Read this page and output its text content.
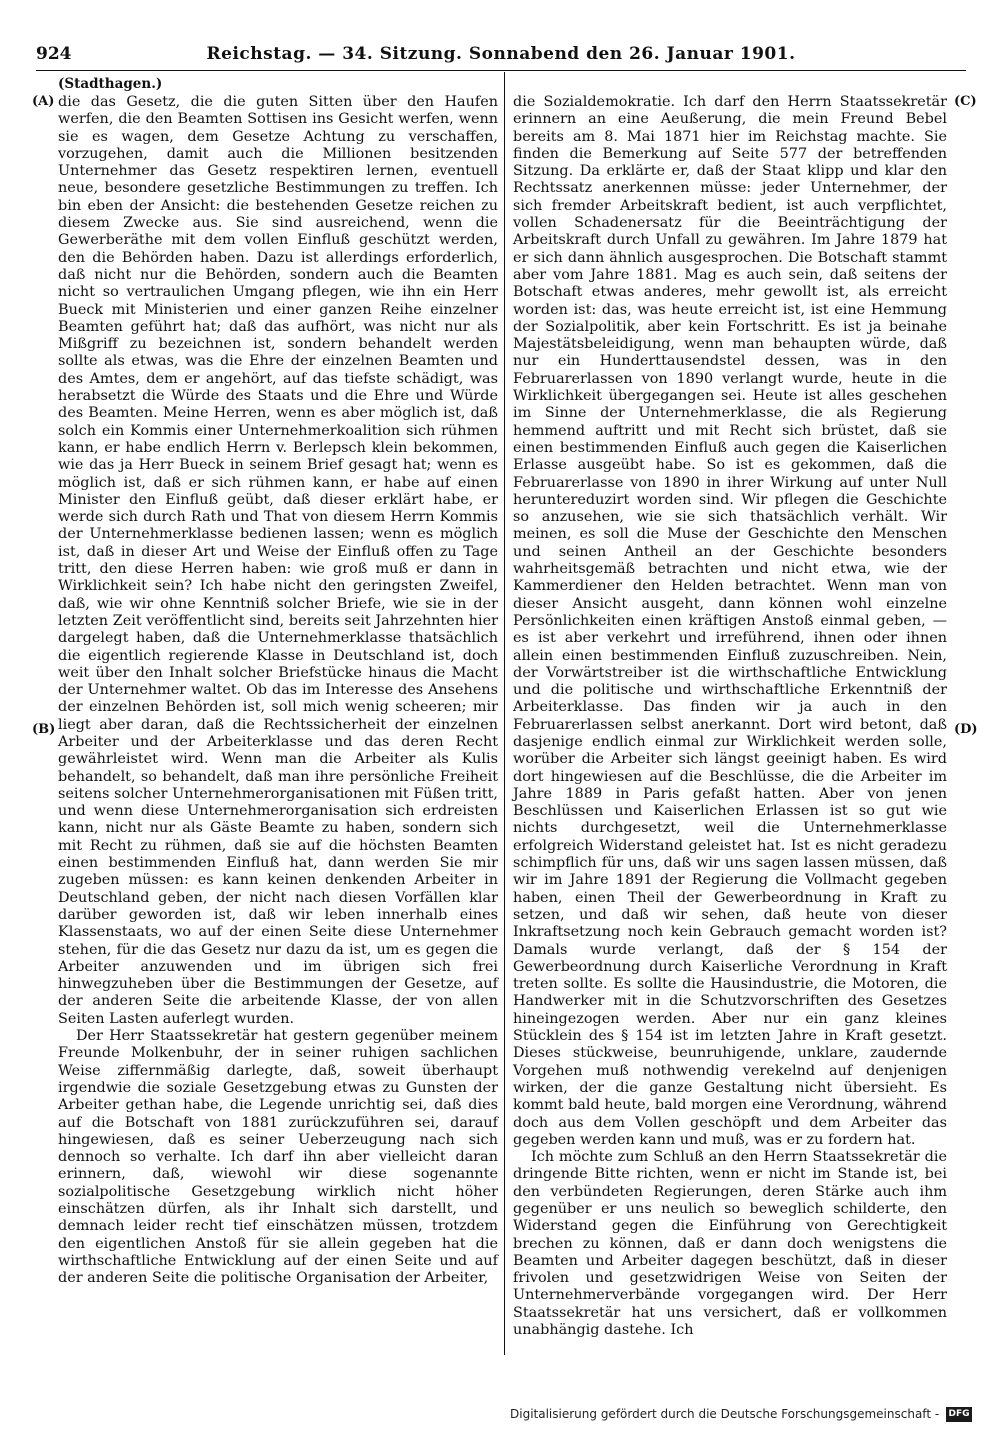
924	Reichstag. — 34. Sitzung. Sonnabend den 26. Januar 1901.
(Stadthagen.)
(A)
(B)
(C)
(D)

die das Gesetz, die die guten Sitten über den Haufen werfen, die den Beamten Sottisen ins Gesicht werfen, wenn sie es wagen, dem Gesetze Achtung zu verschaffen, vorzugehen, damit auch die Millionen besitzenden Unternehmer das Gesetz respektiren lernen, eventuell neue, besondere gesetzliche Bestimmungen zu treffen. Ich bin eben der Ansicht: die bestehenden Gesetze reichen zu diesem Zwecke aus. Sie sind ausreichend, wenn die Gewerberäthe mit dem vollen Einfluß geschützt werden, den die Behörden haben. Dazu ist allerdings erforderlich, daß nicht nur die Behörden, sondern auch die Beamten nicht so vertraulichen Umgang pflegen, wie ihn ein Herr Bueck mit Ministerien und einer ganzen Reihe einzelner Beamten geführt hat; daß das aufhört, was nicht nur als Mißgriff zu bezeichnen ist, sondern behandelt werden sollte als etwas, was die Ehre der einzelnen Beamten und des Amtes, dem er angehört, auf das tiefste schädigt, was herabsetzt die Würde des Staats und die Ehre und Würde des Beamten. Meine Herren, wenn es aber möglich ist, daß solch ein Kommis einer Unternehmerkoalition sich rühmen kann, er habe endlich Herrn v. Berlepsch klein bekommen, wie das ja Herr Bueck in seinem Brief gesagt hat; wenn es möglich ist, daß er sich rühmen kann, er habe auf einen Minister den Einfluß geübt, daß dieser erklärt habe, er werde sich durch Rath und That von diesem Herrn Kommis der Unternehmerklasse bedienen lassen; wenn es möglich ist, daß in dieser Art und Weise der Einfluß offen zu Tage tritt, den diese Herren haben: wie groß muß er dann in Wirklichkeit sein? Ich habe nicht den geringsten Zweifel, daß, wie wir ohne Kenntniß solcher Briefe, wie sie in der letzten Zeit veröffentlicht sind, bereits seit Jahrzehnten hier dargelegt haben, daß die Unternehmerklasse thatsächlich die eigentlich regierende Klasse in Deutschland ist, doch weit über den Inhalt solcher Briefstücke hinaus die Macht der Unternehmer waltet. Ob das im Interesse des Ansehens der einzelnen Behörden ist, soll mich wenig scheeren; mir liegt aber daran, daß die Rechtssicherheit der einzelnen Arbeiter und der Arbeiterklasse und das deren Recht gewährleistet wird. Wenn man die Arbeiter als Kulis behandelt, so behandelt, daß man ihre persönliche Freiheit seitens solcher Unternehmerorganisationen mit Füßen tritt, und wenn diese Unternehmerorganisation sich erdreisten kann, nicht nur als Gäste Beamte zu haben, sondern sich mit Recht zu rühmen, daß sie auf die höchsten Beamten einen bestimmenden Einfluß hat, dann werden Sie mir zugeben müssen: es kann keinen denkenden Arbeiter in Deutschland geben, der nicht nach diesen Vorfällen klar darüber geworden ist, daß wir leben innerhalb eines Klassenstaats, wo auf der einen Seite diese Unternehmer stehen, für die das Gesetz nur dazu da ist, um es gegen die Arbeiter anzuwenden und im übrigen sich frei hinwegzuheben über die Bestimmungen der Gesetze, auf der anderen Seite die arbeitende Klasse, der von allen Seiten Lasten auferlegt wurden.

Der Herr Staatssekretär hat gestern gegenüber meinem Freunde Molkenbuhr, der in seiner ruhigen sachlichen Weise ziffernmäßig darlegte, daß, soweit überhaupt irgendwie die soziale Gesetzgebung etwas zu Gunsten der Arbeiter gethan habe, die Legende unrichtig sei, daß dies auf die Botschaft von 1881 zurückzuführen sei, darauf hingewiesen, daß es seiner Ueberzeugung nach sich dennoch so verhalte. Ich darf ihn aber vielleicht daran erinnern, daß, wiewohl wir diese sogenannte sozialpolitische Gesetzgebung wirklich nicht höher einschätzen dürfen, als ihr Inhalt sich darstellt, und demnach leider recht tief einschätzen müssen, trotzdem den eigentlichen Anstoß für sie allein gegeben hat die wirthschaftliche Entwicklung auf der einen Seite und auf der anderen Seite die politische Organisation der Arbeiter,

die Sozialdemokratie. Ich darf den Herrn Staatssekretär erinnern an eine Aeußerung, die mein Freund Bebel bereits am 8. Mai 1871 hier im Reichstag machte. Sie finden die Bemerkung auf Seite 577 der betreffenden Sitzung. Da erklärte er, daß der Staat klipp und klar den Rechtssatz anerkennen müsse: jeder Unternehmer, der sich fremder Arbeitskraft bedient, ist auch verpflichtet, vollen Schadenersatz für die Beeinträchtigung der Arbeitskraft durch Unfall zu gewähren. Im Jahre 1879 hat er sich dann ähnlich ausgesprochen. Die Botschaft stammt aber vom Jahre 1881. Mag es auch sein, daß seitens der Botschaft etwas anderes, mehr gewollt ist, als erreicht worden ist: das, was heute erreicht ist, ist eine Hemmung der Sozialpolitik, aber kein Fortschritt. Es ist ja beinahe Majestätsbeleidigung, wenn man behaupten würde, daß nur ein Hunderttausendstel dessen, was in den Februarerlassen von 1890 verlangt wurde, heute in die Wirklichkeit übergegangen sei. Heute ist alles geschehen im Sinne der Unternehmerklasse, die als Regierung hemmend auftritt und mit Recht sich brüstet, daß sie einen bestimmenden Einfluß auch gegen die Kaiserlichen Erlasse ausgeübt habe. So ist es gekommen, daß die Februarerlasse von 1890 in ihrer Wirkung auf unter Null heruntereduzirt worden sind. Wir pflegen die Geschichte so anzusehen, wie sie sich thatsächlich verhält. Wir meinen, es soll die Muse der Geschichte den Menschen und seinen Antheil an der Geschichte besonders wahrheitsgemäß betrachten und nicht etwa, wie der Kammerdiener den Helden betrachtet. Wenn man von dieser Ansicht ausgeht, dann können wohl einzelne Persönlichkeiten einen kräftigen Anstoß einmal geben, — es ist aber verkehrt und irreführend, ihnen oder ihnen allein einen bestimmenden Einfluß zuzuschreiben. Nein, der Vorwärtstreiber ist die wirthschaftliche Entwicklung und die politische und wirthschaftliche Erkenntniß der Arbeiterklasse. Das finden wir ja auch in den Februarerlassen selbst anerkannt. Dort wird betont, daß dasjenige endlich einmal zur Wirklichkeit werden solle, worüber die Arbeiter sich längst geeinigt haben. Es wird dort hingewiesen auf die Beschlüsse, die die Arbeiter im Jahre 1889 in Paris gefaßt hatten. Aber von jenen Beschlüssen und Kaiserlichen Erlassen ist so gut wie nichts durchgesetzt, weil die Unternehmerklasse erfolgreich Widerstand geleistet hat. Ist es nicht geradezu schimpflich für uns, daß wir uns sagen lassen müssen, daß wir im Jahre 1891 der Regierung die Vollmacht gegeben haben, einen Theil der Gewerbeordnung in Kraft zu setzen, und daß wir sehen, daß heute von dieser Inkraftsetzung noch kein Gebrauch gemacht worden ist? Damals wurde verlangt, daß der § 154 der Gewerbeordnung durch Kaiserliche Verordnung in Kraft treten sollte. Es sollte die Hausindustrie, die Motoren, die Handwerker mit in die Schutzvorschriften des Gesetzes hineingezogen werden. Aber nur ein ganz kleines Stücklein des § 154 ist im letzten Jahre in Kraft gesetzt. Dieses stückweise, beunruhigende, unklare, zaudernde Vorgehen muß nothwendig verekelnd auf denjenigen wirken, der die ganze Gestaltung nicht übersieht. Es kommt bald heute, bald morgen eine Verordnung, während doch aus dem Vollen geschöpft und dem Arbeiter das gegeben werden kann und muß, was er zu fordern hat.

Ich möchte zum Schluß an den Herrn Staatssekretär die dringende Bitte richten, wenn er nicht im Stande ist, bei den verbündeten Regierungen, deren Stärke auch ihm gegenüber er uns neulich so beweglich schilderte, den Widerstand gegen die Einführung von Gerechtigkeit brechen zu können, daß er dann doch wenigstens die Beamten und Arbeiter dagegen beschützt, daß in dieser frivolen und gesetzwidrigen Weise von Seiten der Unternehmerverbände vorgegangen wird. Der Herr Staatssekretär hat uns versichert, daß er vollkommen unabhängig dastehe. Ich

Digitalisierung gefördert durch die Deutsche Forschungsgemeinschaft - DFG
